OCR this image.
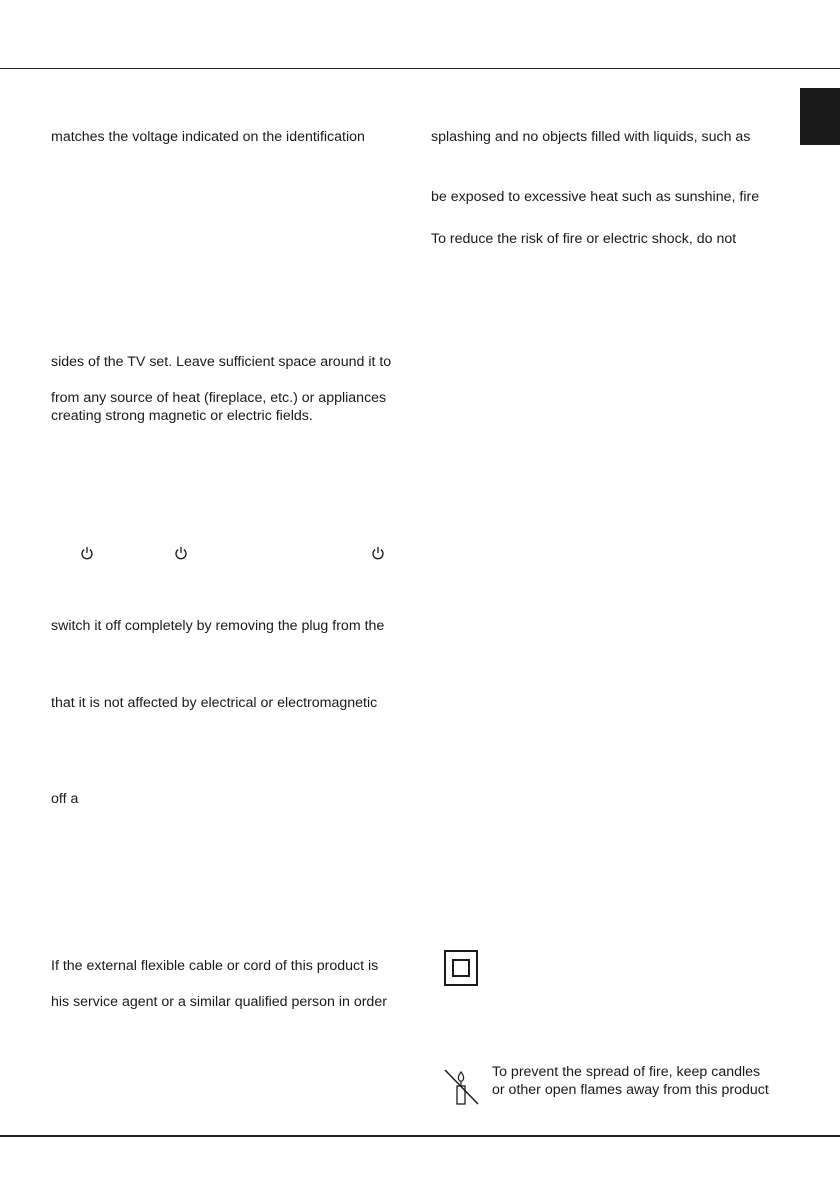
matches the voltage indicated on the identification
sides of the TV set. Leave sufficient space around it to
from any source of heat (fireplace, etc.) or appliances
creating strong magnetic or electric fields.
switch it off completely by removing the plug from the
that it is not affected by electrical or electromagnetic
off a
If the external flexible cable or cord of this product is
his service agent or a similar qualified person in order
splashing and no objects filled with liquids, such as
be exposed to excessive heat such as sunshine, fire
To reduce the risk of fire or electric shock, do not
To prevent the spread of fire, keep candles
or other open flames away from this product
